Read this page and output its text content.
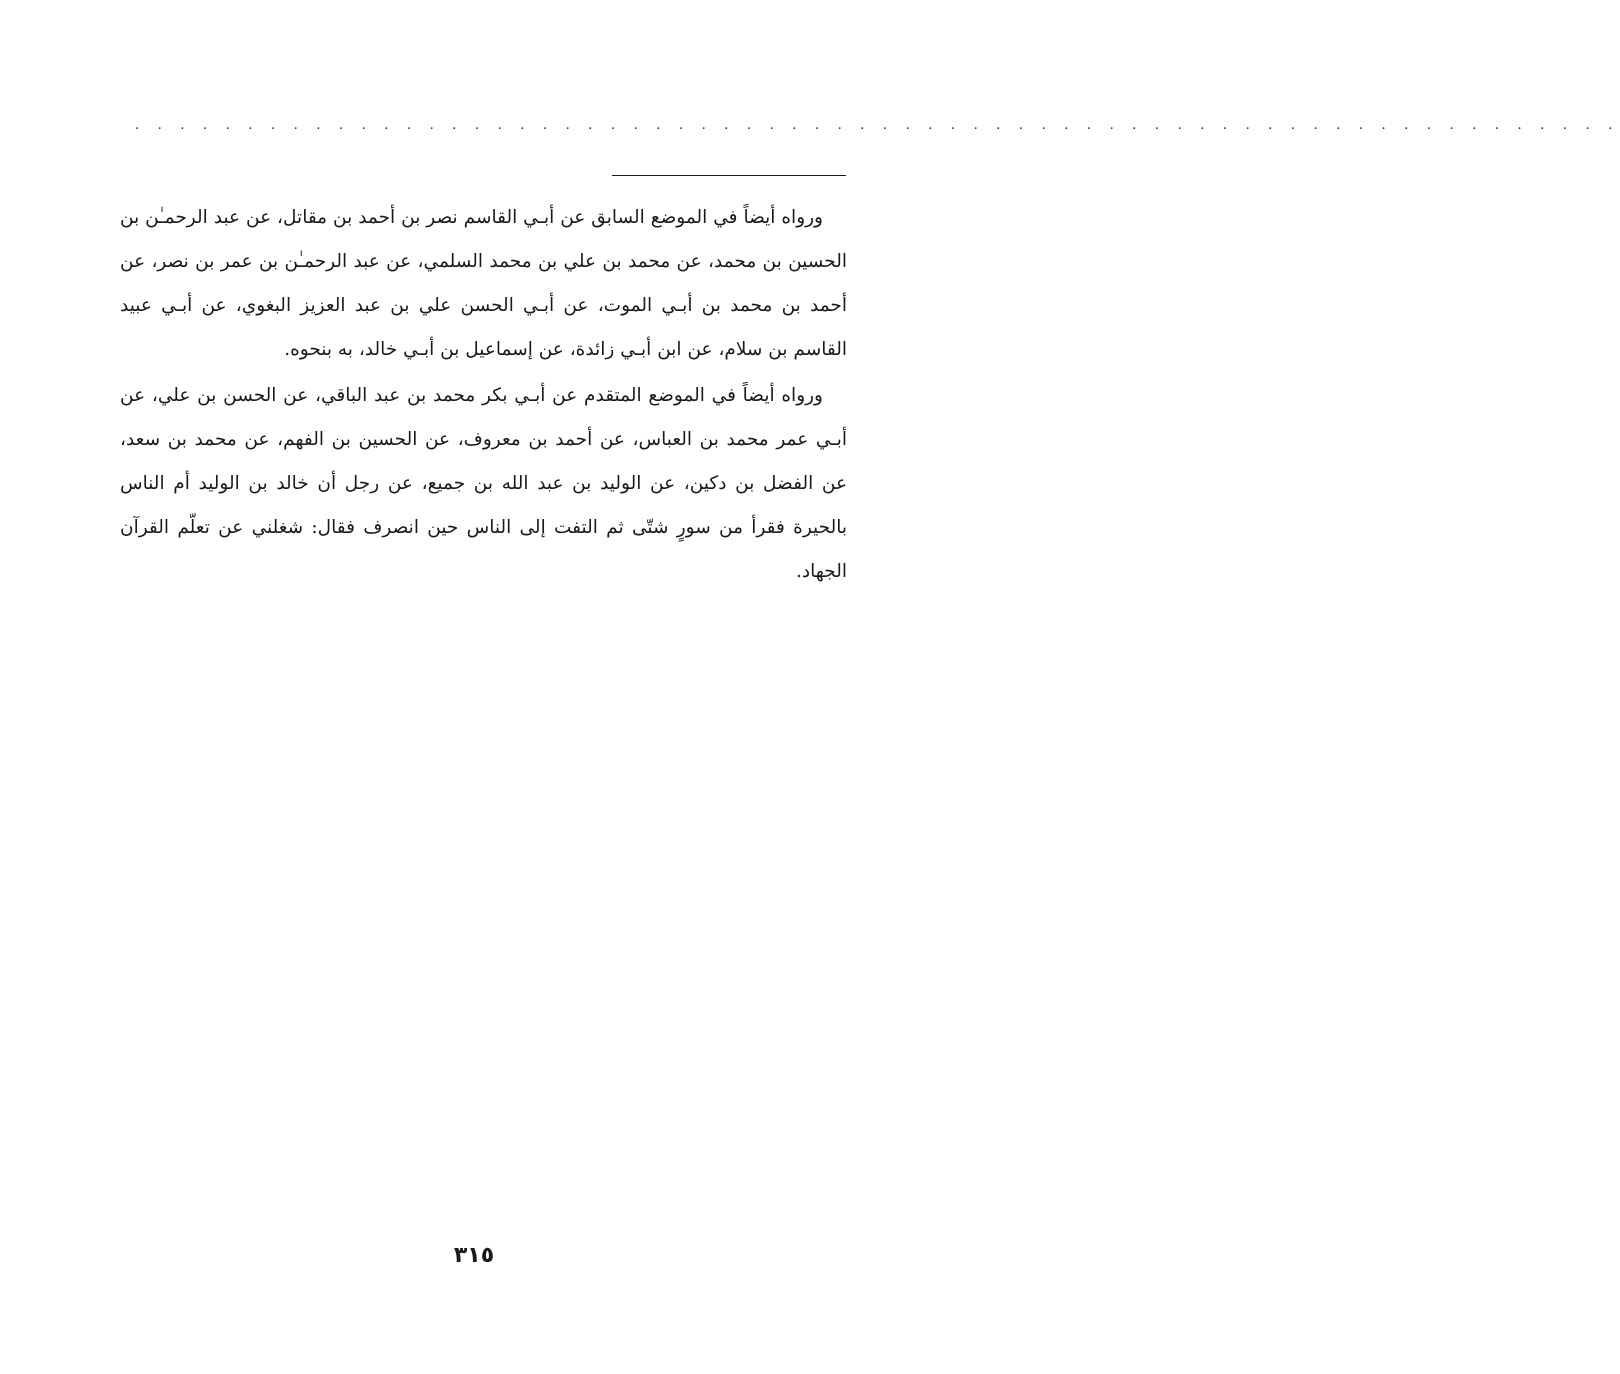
. . . . . . . . . . . . . . . . . . . . . . . . . . . . . . . . . . . . . . . . . . . . . . . . . . . . . . . . . . . . . . . . . .

ورواه أيضاً في الموضع السابق عن أبـي القاسم نصر بن أحمد بن مقاتل، عن عبد الرحمـٰن بن الحسين بن محمد، عن محمد بن علي بن محمد السلمي، عن عبد الرحمـٰن بن عمر بن نصر، عن أحمد بن محمد بن أبـي الموت، عن أبـي الحسن علي بن عبد العزيز البغوي، عن أبـي عبيد القاسم بن سلام، عن ابن أبـي زائدة، عن إسماعيل بن أبـي خالد، به بنحوه.

ورواه أيضاً في الموضع المتقدم عن أبـي بكر محمد بن عبد الباقي، عن الحسن بن علي، عن أبـي عمر محمد بن العباس، عن أحمد بن معروف، عن الحسين بن الفهم، عن محمد بن سعد، عن الفضل بن دكين، عن الوليد بن عبد الله بن جميع، عن رجل أن خالد بن الوليد أم الناس بالحيرة فقرأ من سورٍ شتّى ثم التفت إلى الناس حين انصرف فقال: شغلني عن تعلّم القرآن الجهاد.

٣١٥
